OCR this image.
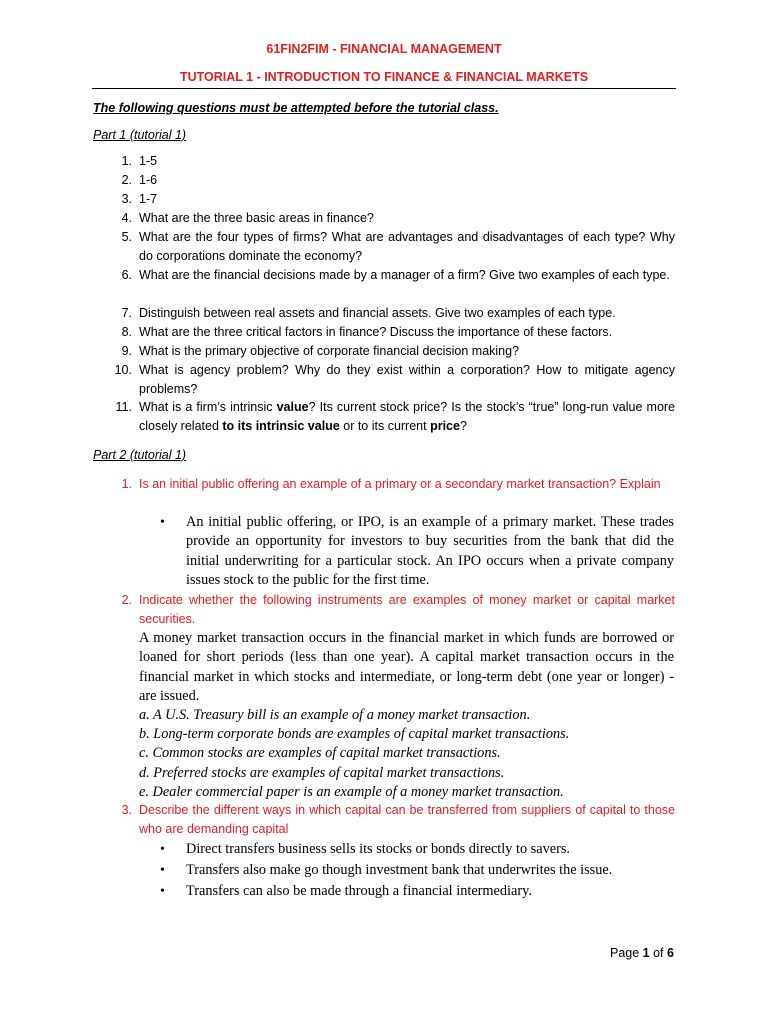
61FIN2FIM - FINANCIAL MANAGEMENT
TUTORIAL 1 - INTRODUCTION TO FINANCE & FINANCIAL MARKETS
The following questions must be attempted before the tutorial class.
Part 1 (tutorial 1)
1. 1-5
2. 1-6
3. 1-7
4. What are the three basic areas in finance?
5. What are the four types of firms? What are advantages and disadvantages of each type? Why do corporations dominate the economy?
6. What are the financial decisions made by a manager of a firm? Give two examples of each type.
7. Distinguish between real assets and financial assets. Give two examples of each type.
8. What are the three critical factors in finance? Discuss the importance of these factors.
9. What is the primary objective of corporate financial decision making?
10. What is agency problem? Why do they exist within a corporation? How to mitigate agency problems?
11. What is a firm’s intrinsic value? Its current stock price? Is the stock’s “true” long-run value more closely related to its intrinsic value or to its current price?
Part 2 (tutorial 1)
1. Is an initial public offering an example of a primary or a secondary market transaction? Explain
• An initial public offering, or IPO, is an example of a primary market. These trades provide an opportunity for investors to buy securities from the bank that did the initial underwriting for a particular stock. An IPO occurs when a private company issues stock to the public for the first time.
2. Indicate whether the following instruments are examples of money market or capital market securities.
A money market transaction occurs in the financial market in which funds are borrowed or loaned for short periods (less than one year). A capital market transaction occurs in the financial market in which stocks and intermediate, or long-term debt (one year or longer) - are issued.
a. A U.S. Treasury bill is an example of a money market transaction.
b. Long-term corporate bonds are examples of capital market transactions.
c. Common stocks are examples of capital market transactions.
d. Preferred stocks are examples of capital market transactions.
e. Dealer commercial paper is an example of a money market transaction.
3. Describe the different ways in which capital can be transferred from suppliers of capital to those who are demanding capital
• Direct transfers business sells its stocks or bonds directly to savers.
• Transfers also make go though investment bank that underwrites the issue.
• Transfers can also be made through a financial intermediary.
Page 1 of 6
